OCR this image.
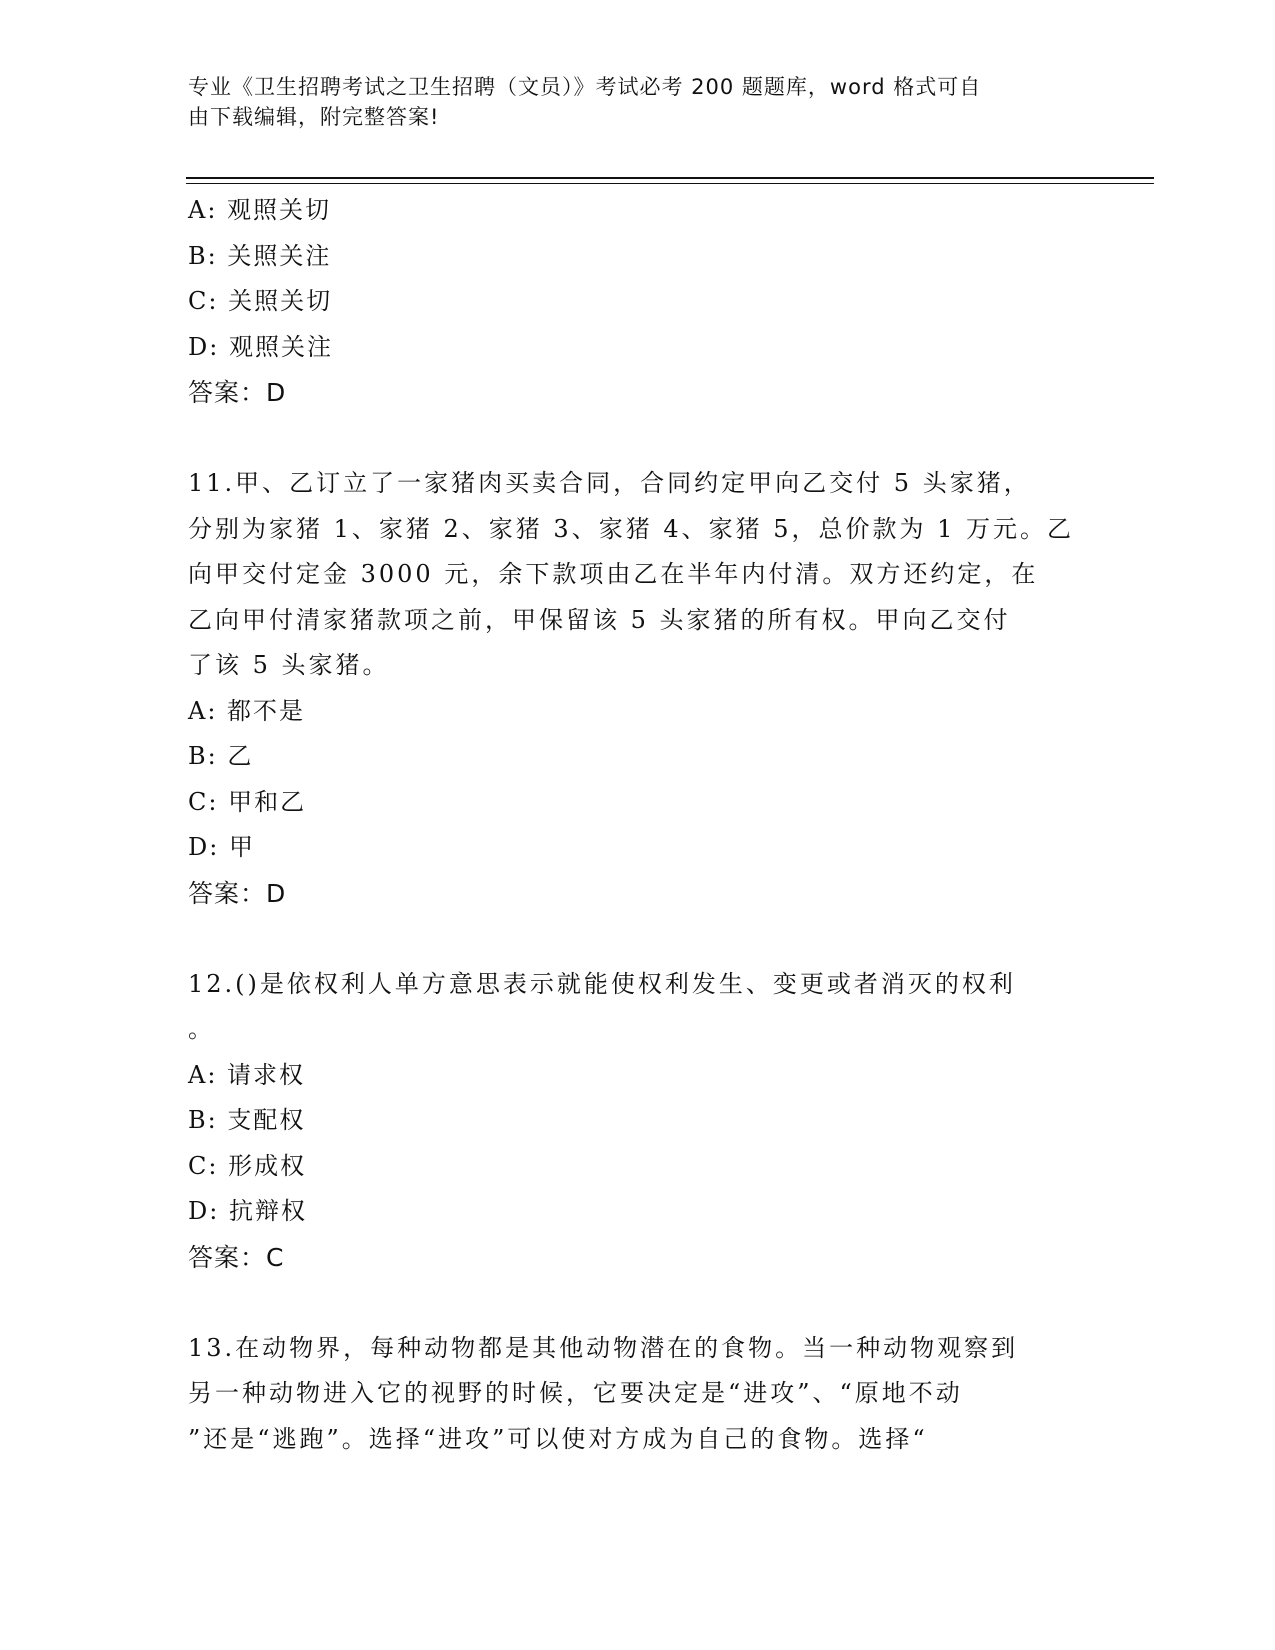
专业《卫生招聘考试之卫生招聘（文员）》考试必考 200 题题库，word 格式可自
由下载编辑，附完整答案!
A: 观照关切
B: 关照关注
C: 关照关切
D: 观照关注
答案：D
11.甲、乙订立了一家猪肉买卖合同，合同约定甲向乙交付 5 头家猪，
分别为家猪 1、家猪 2、家猪 3、家猪 4、家猪 5，总价款为 1 万元。乙
向甲交付定金 3000 元，余下款项由乙在半年内付清。双方还约定，在
乙向甲付清家猪款项之前，甲保留该 5 头家猪的所有权。甲向乙交付
了该 5 头家猪。
A: 都不是
B: 乙
C: 甲和乙
D: 甲
答案：D
12.()是依权利人单方意思表示就能使权利发生、变更或者消灭的权利
。
A: 请求权
B: 支配权
C: 形成权
D: 抗辩权
答案：C
13.在动物界，每种动物都是其他动物潜在的食物。当一种动物观察到
另一种动物进入它的视野的时候，它要决定是“进攻”、“原地不动
”还是“逃跑”。选择“进攻”可以使对方成为自己的食物。选择“
